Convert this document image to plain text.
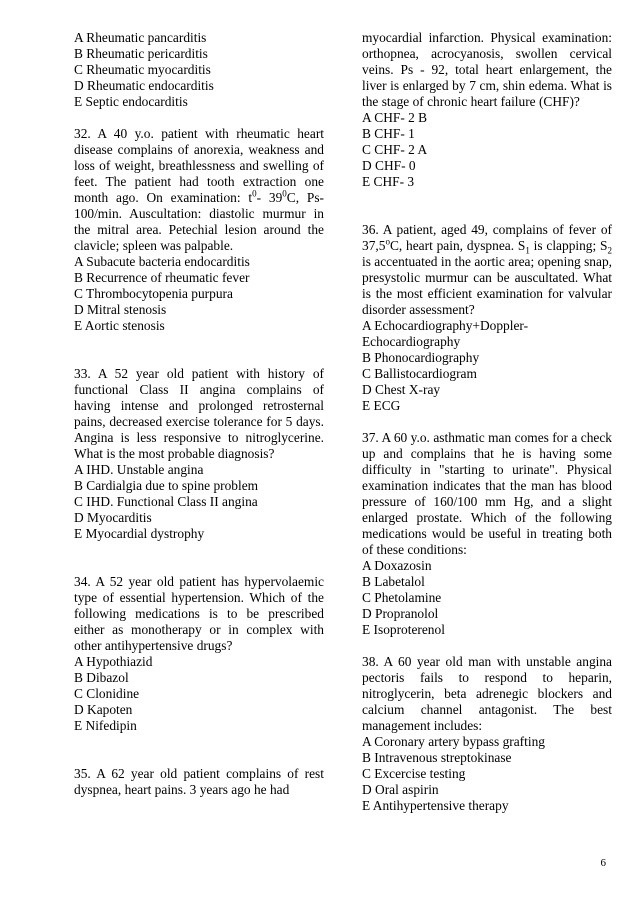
A Rheumatic pancarditis

B Rheumatic pericarditis

C Rheumatic myocarditis

D Rheumatic endocarditis

E Septic endocarditis

32. A 40 y.o. patient with rheumatic heart disease complains of anorexia, weakness and loss of weight, breathlessness and swelling of feet. The patient had tooth extraction one month ago. On examination: $t^0-$ $39^0C$, Ps- 100/min. Auscultation: diastolic murmur in the mitral area. Petechial lesion around the clavicle; spleen was palpable.

A Subacute bacteria endocarditis

B Recurrence of rheumatic fever

C Thrombocytopenia purpura

D Mitral stenosis

E Aortic stenosis

33. A 52 year old patient with history of functional Class II angina complains of having intense and prolonged retrosternal pains, decreased exercise tolerance for 5 days. Angina is less responsive to nitroglycerine. What is the most probable diagnosis?

A IHD. Unstable angina

B Cardialgia due to spine problem

C IHD. Functional Class II angina

D Myocarditis

E Myocardial dystrophy

34. A 52 year old patient has hypervolaemic type of essential hypertension. Which of the following medications is to be prescribed either as monotherapy or in complex with other antihypertensive drugs?

A Hypothiazid

B Dibazol

C Clonidine

D Kapoten

E Nifedipin

35. A 62 year old patient complains of rest dyspnea, heart pains. 3 years ago he had

myocardial infarction. Physical examination: orthopnea, acrocyanosis, swollen cervical veins. Ps - 92, total heart enlargement, the liver is enlarged by 7 cm, shin edema. What is the stage of chronic heart failure (CHF)?

A CHF- 2 B

B CHF- 1

C CHF- 2 A

D CHF- 0

E CHF- 3

36. A patient, aged 49, complains of fever of 37,5$^o$C, heart pain, dyspnea. $S_1$ is clapping; $S_2$ is accentuated in the aortic area; opening snap, presystolic murmur can be auscultated. What is the most efficient examination for valvular disorder assessment?

A Echocardiography+Doppler-

Echocardiography

B Phonocardiography

C Ballistocardiogram

D Chest X-ray

E ECG

37. A 60 y.o. asthmatic man comes for a check up and complains that he is having some difficulty in "starting to urinate". Physical examination indicates that the man has blood pressure of 160/100 mm Hg, and a slight enlarged prostate. Which of the following medications would be useful in treating both of these conditions:

A Doxazosin

B Labetalol

C Phetolamine

D Propranolol

E Isoproterenol

38. A 60 year old man with unstable angina pectoris fails to respond to heparin, nitroglycerin, beta adrenegic blockers and calcium channel antagonist. The best management includes:

A Coronary artery bypass grafting

B Intravenous streptokinase

C Excercise testing

D Oral aspirin

E Antihypertensive therapy

6
